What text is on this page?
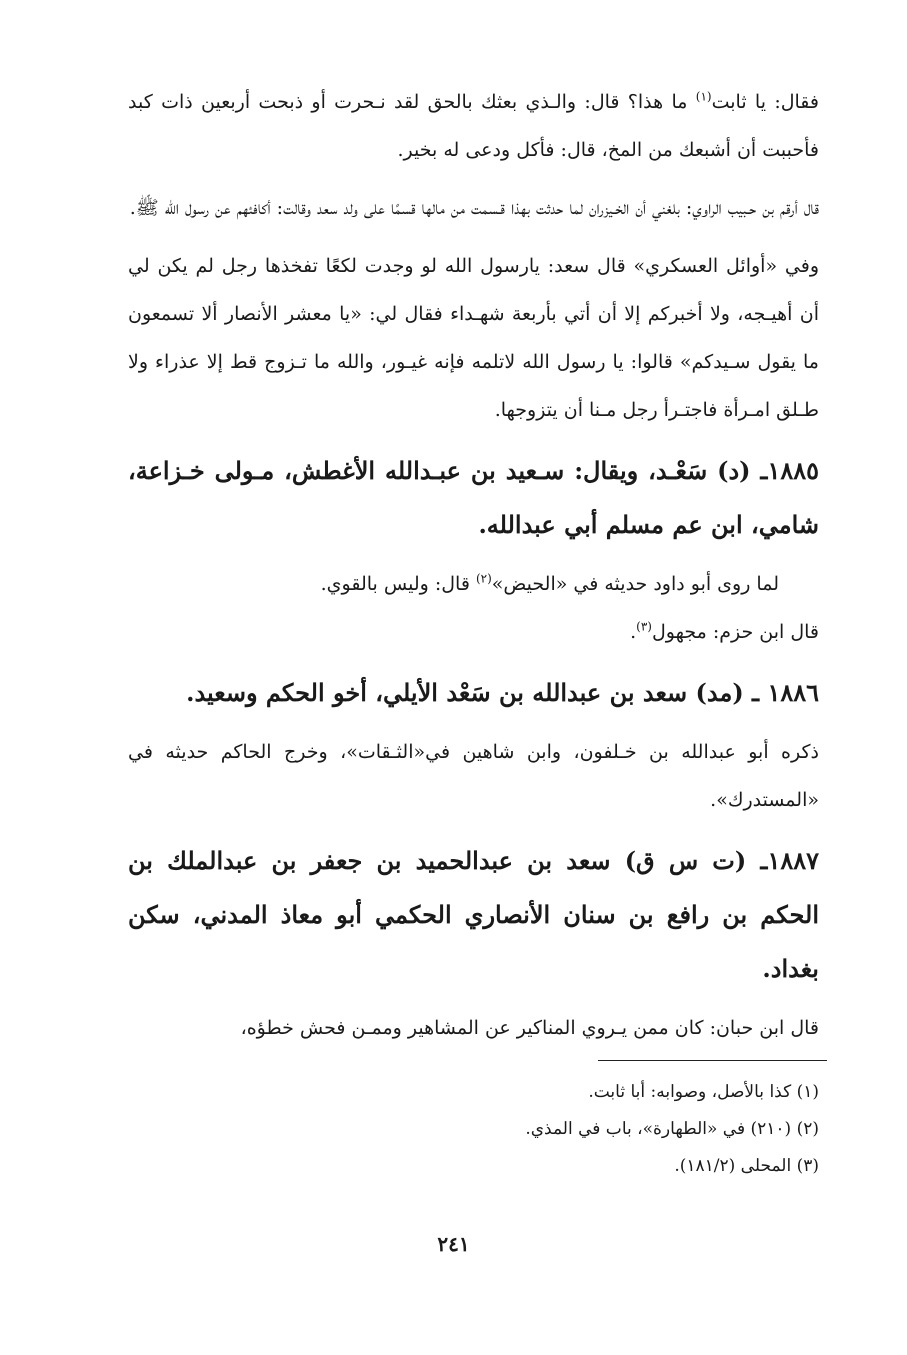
فقال: يا ثابت$^{(١)}$ ما هذا؟ قال: والـذي بعثك بالحق لقد نـحرت أو ذبحت أربعين ذات كبد فأحببت أن أشبعك من المخ، قال: فأكل ودعى له بخير.

قال أرقم بن حـبيب الراوي: بلغني أن الخـيزران لما حدثت بهذا قـسمت من مالها قسمًا على ولد سعد وقالت: أكافئهم عن رسول الله ﷺ.

وفي «أوائل العسكري» قال سعد: يارسول الله لو وجدت لكعًا تفخذها رجل لم يكن لي أن أهيـجه، ولا أخبركم إلا أن أتي بأربعة شهـداء فقال لي: «يا معشر الأنصار ألا تسمعون ما يقول سـيدكم» قالوا: يا رسول الله لاتلمه فإنه غيـور، والله ما تـزوج قط إلا عذراء ولا طـلق امـرأة فاجتـرأ رجل مـنا أن يتزوجها.

١٨٨٥ـ (د) سَعْـد، ويقال: سـعيد بن عبـدالله الأغطش، مـولى خـزاعة، شامي، ابن عم مسلم أبي عبدالله.

لما روى أبو داود حديثه في «الحيض»$^{(٢)}$ قال: وليس بالقوي.

قال ابن حزم: مجهول$^{(٣)}$.

١٨٨٦ ـ (مد) سعد بن عبدالله بن سَعْد الأيلي، أخو الحكم وسعيد.

ذكره أبو عبدالله بن خـلفون، وابن شاهين في«الثـقات»، وخرج الحاكم حديثه في «المستدرك».

١٨٨٧ـ (ت س ق) سعد بن عبدالحميد بن جعفر بن عبدالملك بن الحكم بن رافع بن سنان الأنصاري الحكمي أبو معاذ المدني، سكن بغداد.

قال ابن حبان: كان ممن يـروي المناكير عن المشاهير وممـن فحش خطؤه،

(١) كذا بالأصل، وصوابه: أبا ثابت.

(٢) (٢١٠) في «الطهارة»، باب في المذي.

(٣) المحلى (١٨١/٢).

٢٤١
